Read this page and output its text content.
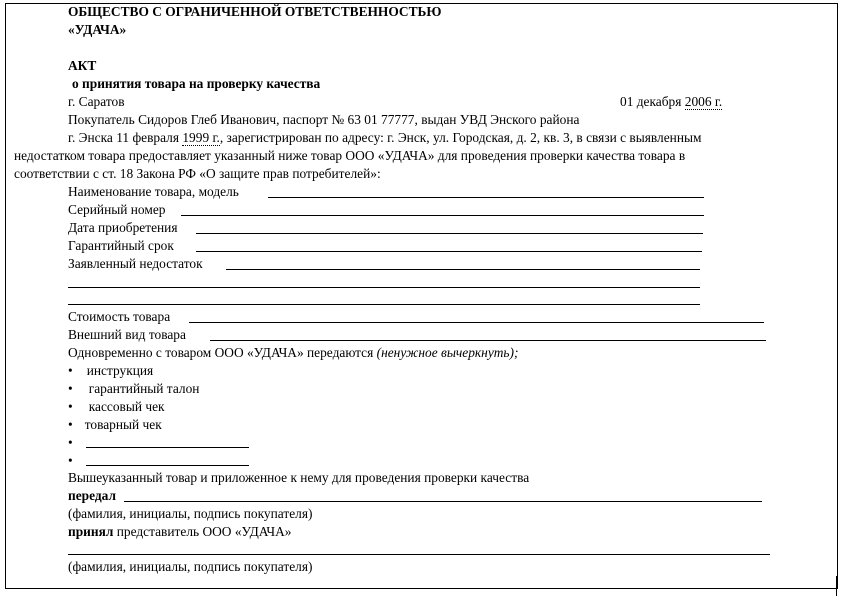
ОБЩЕСТВО С ОГРАНИЧЕННОЙ ОТВЕТСТВЕННОСТЬЮ
«УДАЧА»
АКТ
о принятия товара на проверку качества
г. Саратов	01 декабря 2006 г.
Покупатель Сидоров Глеб Иванович, паспорт № 63 01 77777, выдан УВД Энского района
г. Энска 11 февраля 1999 г., зарегистрирован по адресу: г. Энск, ул. Городская, д. 2, кв. 3, в связи с выявленным
недостатком товара предоставляет указанный ниже товар ООО «УДАЧА» для проведения проверки качества товара в
соответствии с ст. 18 Закона РФ «О защите прав потребителей»:
Наименование товара, модель
Серийный номер
Дата приобретения
Гарантийный срок
Заявленный недостаток
Стоимость товара
Внешний вид товара
Одновременно с товаром ООО «УДАЧА» передаются (ненужное вычеркнуть);
• инструкция
• гарантийный талон
• кассовый чек
• товарный чек
•
•
Вышеуказанный товар и приложенное к нему для проведения проверки качества
передал
(фамилия, инициалы, подпись покупателя)
принял представитель ООО «УДАЧА»
(фамилия, инициалы, подпись покупателя)
